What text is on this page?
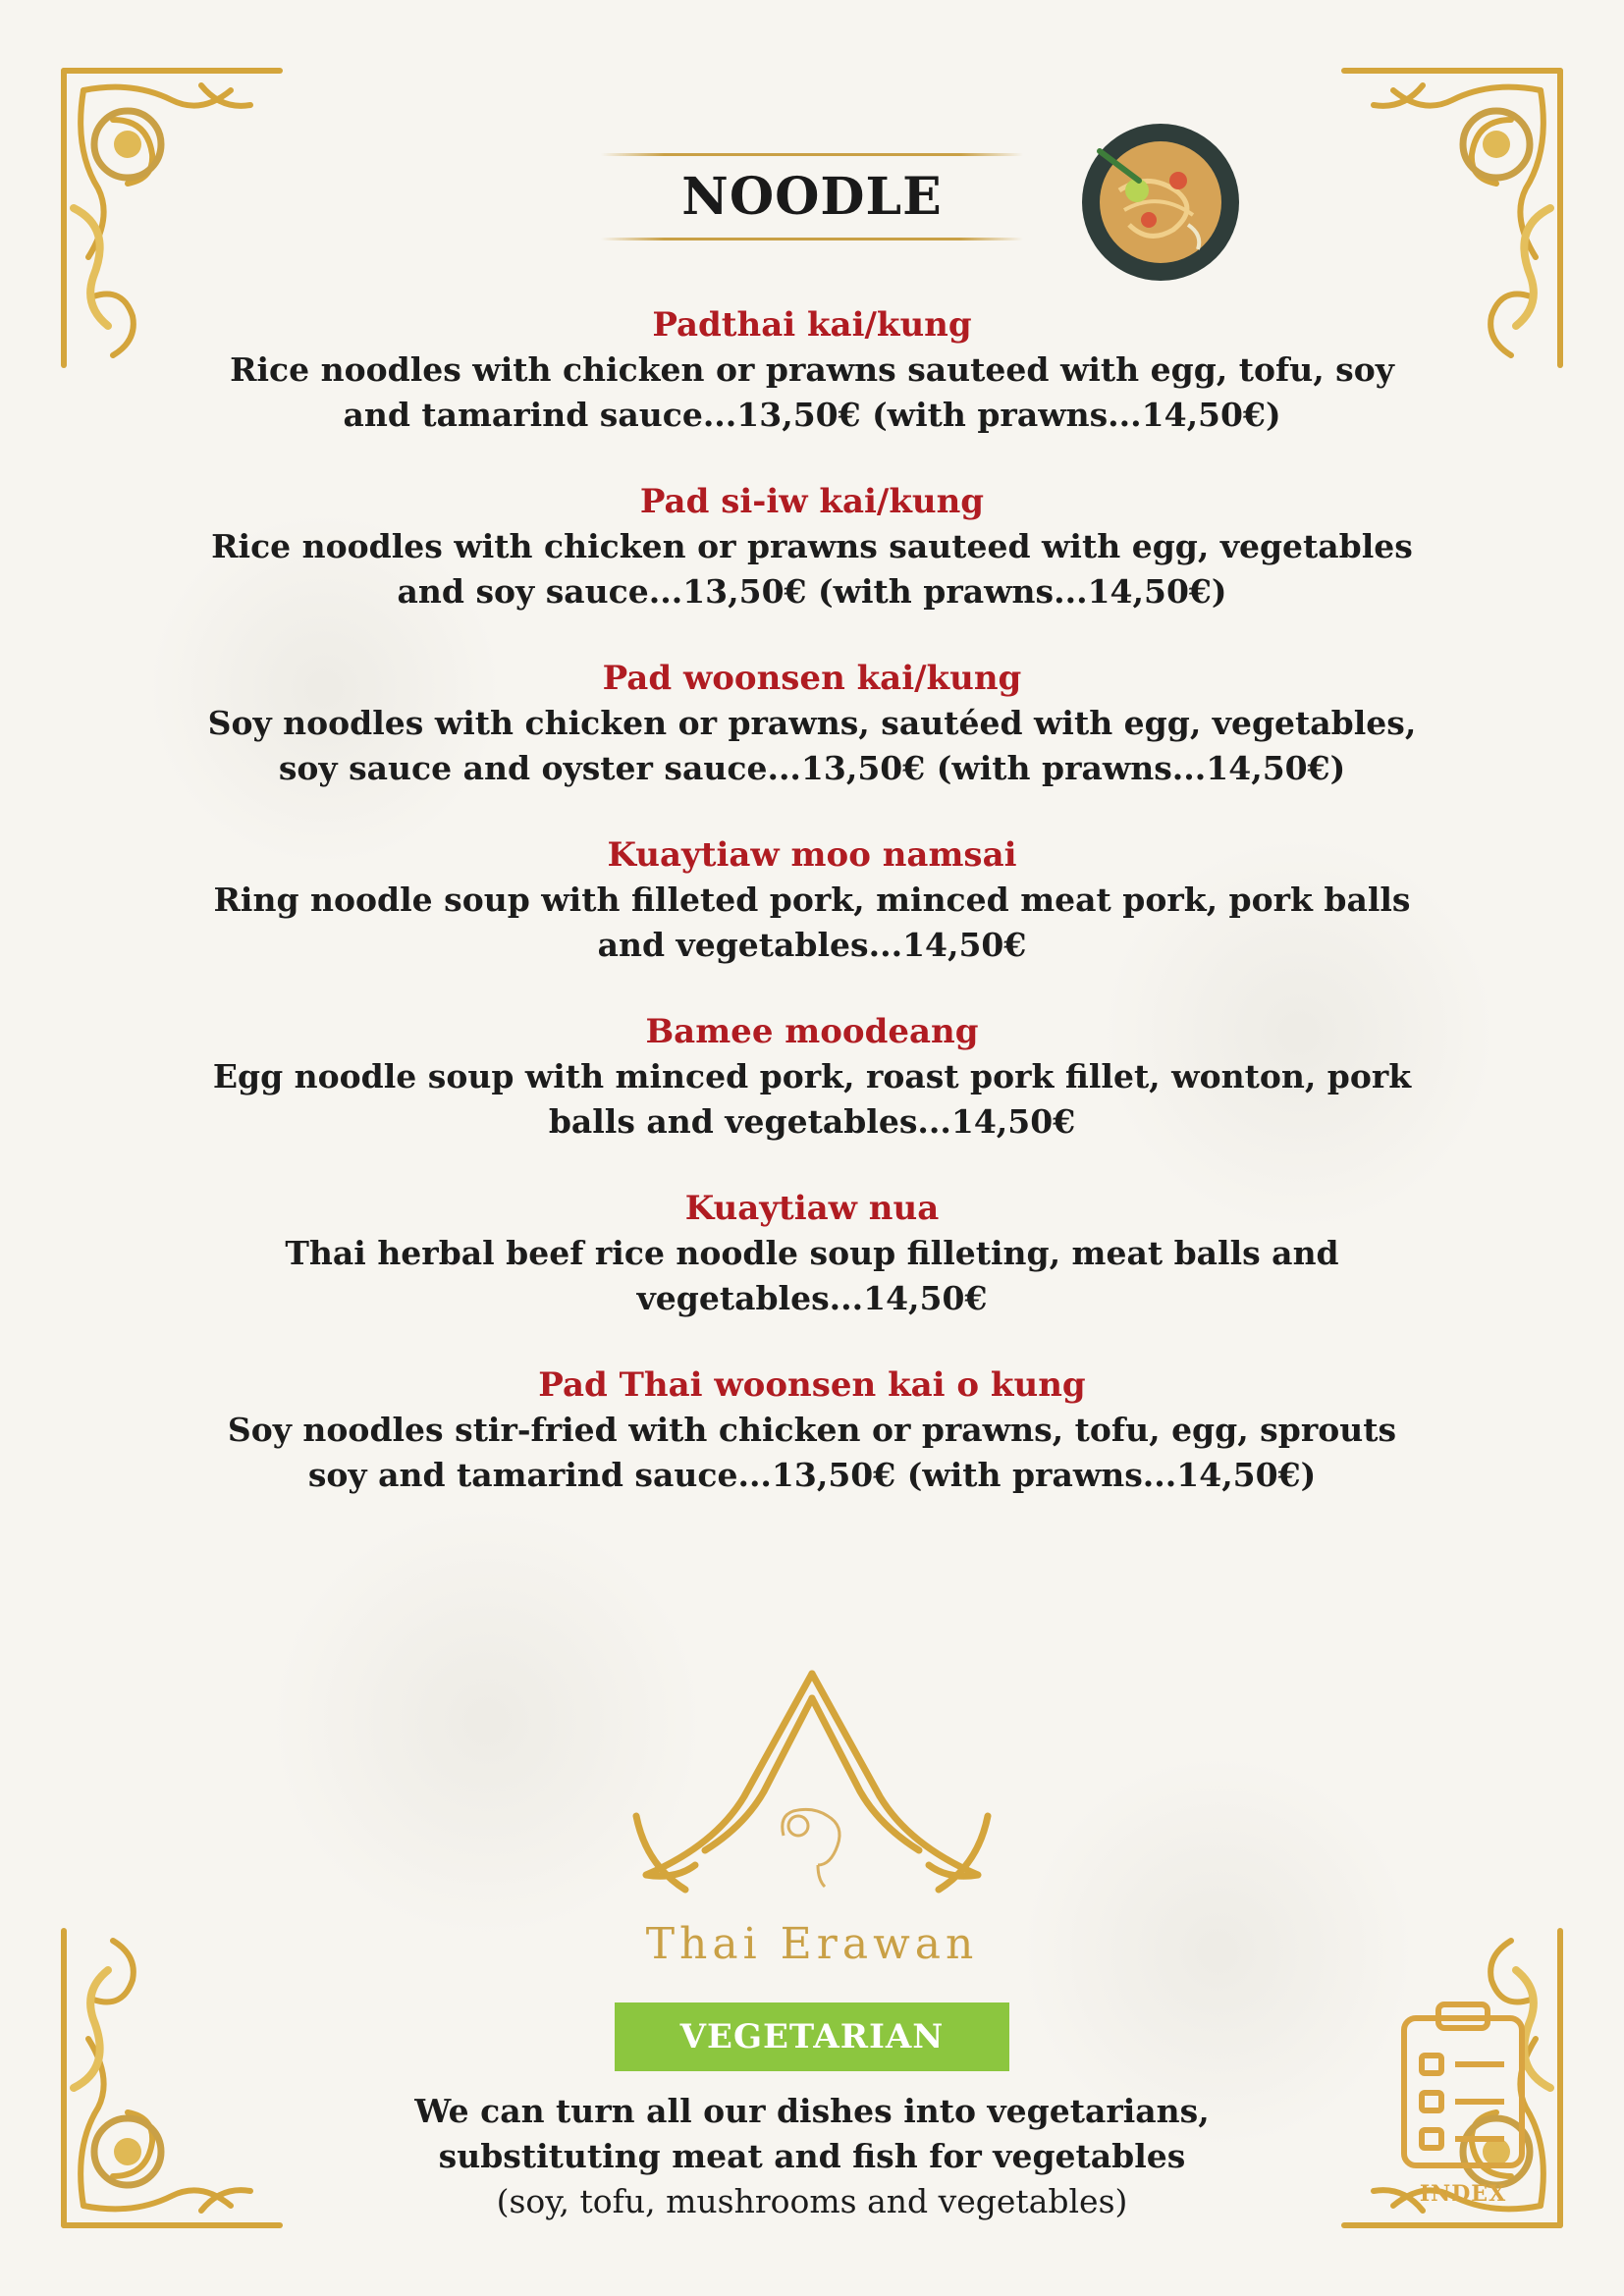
NOODLE
Padthai kai/kung
Rice noodles with chicken or prawns sauteed with egg, tofu, soy
and tamarind sauce...13,50€ (with prawns...14,50€)
Pad si-iw kai/kung
Rice noodles with chicken or prawns sauteed with egg, vegetables
and soy sauce...13,50€ (with prawns...14,50€)
Pad woonsen kai/kung
Soy noodles with chicken or prawns, sautéed with egg, vegetables,
soy sauce and oyster sauce...13,50€ (with prawns...14,50€)
Kuaytiaw moo namsai
Ring noodle soup with filleted pork, minced meat pork, pork balls
and vegetables...14,50€
Bamee moodeang
Egg noodle soup with minced pork, roast pork fillet, wonton, pork
balls and vegetables...14,50€
Kuaytiaw nua
Thai herbal beef rice noodle soup filleting, meat balls and
vegetables...14,50€
Pad Thai woonsen kai o kung
Soy noodles stir-fried with chicken or prawns, tofu, egg, sprouts
soy and tamarind sauce...13,50€ (with prawns...14,50€)
Thai Erawan
VEGETARIAN
We can turn all our dishes into vegetarians,
substituting meat and fish for vegetables
(soy, tofu, mushrooms and vegetables)	INDEX
